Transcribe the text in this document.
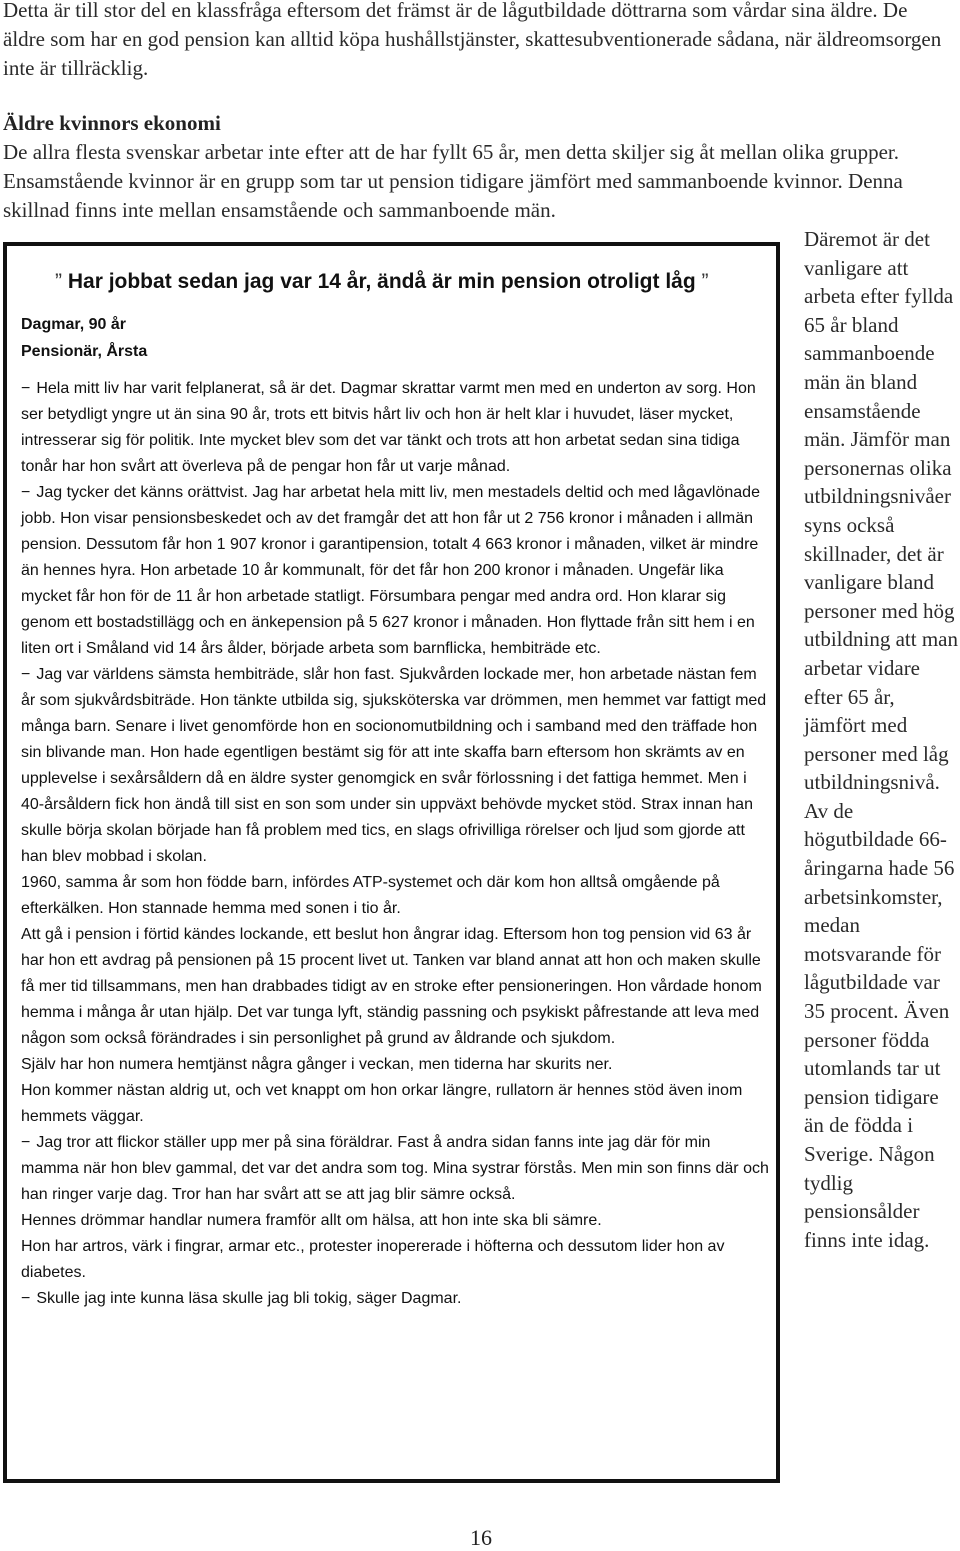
Detta är till stor del en klassfråga eftersom det främst är de lågutbildade döttrarna som vårdar sina äldre. De äldre som har en god pension kan alltid köpa hushållstjänster, skattesubventionerade sådana, när äldreomsorgen inte är tillräcklig.

Äldre kvinnors ekonomi

De allra flesta svenskar arbetar inte efter att de har fyllt 65 år, men detta skiljer sig åt mellan olika grupper. Ensamstående kvinnor är en grupp som tar ut pension tidigare jämfört med sammanboende kvinnor. Denna skillnad finns inte mellan ensamstående och sammanboende män.

Däremot är det vanligare att arbeta efter fyllda 65 år bland sammanboende män än bland ensamstående män. Jämför man personernas olika utbildningsnivåer syns också skillnader, det är vanligare bland personer med hög utbildning att man arbetar vidare efter 65 år, jämfört med personer med låg utbildningsnivå. Av de högutbildade 66-åringarna hade 56 arbetsinkomster, medan motsvarande för lågutbildade var 35 procent. Även personer födda utomlands tar ut pension tidigare än de födda i Sverige. Någon tydlig pensionsålder finns inte idag.

” Har jobbat sedan jag var 14 år, ändå är min pension otroligt låg ”

Dagmar, 90 år

Pensionär, Årsta

− Hela mitt liv har varit felplanerat, så är det. Dagmar skrattar varmt men med en underton av sorg. Hon ser betydligt yngre ut än sina 90 år, trots ett bitvis hårt liv och hon är helt klar i huvudet, läser mycket, intresserar sig för politik. Inte mycket blev som det var tänkt och trots att hon arbetat sedan sina tidiga tonår har hon svårt att överleva på de pengar hon får ut varje månad.

− Jag tycker det känns orättvist. Jag har arbetat hela mitt liv, men mestadels deltid och med lågavlönade jobb. Hon visar pensionsbeskedet och av det framgår det att hon får ut 2 756 kronor i månaden i allmän pension. Dessutom får hon 1 907 kronor i garantipension, totalt 4 663 kronor i månaden, vilket är mindre än hennes hyra. Hon arbetade 10 år kommunalt, för det får hon 200 kronor i månaden. Ungefär lika mycket får hon för de 11 år hon arbetade statligt. Försumbara pengar med andra ord. Hon klarar sig genom ett bostadstillägg och en änkepension på 5 627 kronor i månaden. Hon flyttade från sitt hem i en liten ort i Småland vid 14 års ålder, började arbeta som barnflicka, hembiträde etc.

− Jag var världens sämsta hembiträde, slår hon fast. Sjukvården lockade mer, hon arbetade nästan fem år som sjukvårdsbiträde. Hon tänkte utbilda sig, sjuksköterska var drömmen, men hemmet var fattigt med många barn. Senare i livet genomförde hon en socionomutbildning och i samband med den träffade hon sin blivande man. Hon hade egentligen bestämt sig för att inte skaffa barn eftersom hon skrämts av en upplevelse i sexårsåldern då en äldre syster genomgick en svår förlossning i det fattiga hemmet. Men i 40-årsåldern fick hon ändå till sist en son som under sin uppväxt behövde mycket stöd. Strax innan han skulle börja skolan började han få problem med tics, en slags ofrivilliga rörelser och ljud som gjorde att han blev mobbad i skolan.

1960, samma år som hon födde barn, infördes ATP-systemet och där kom hon alltså omgående på efterkälken. Hon stannade hemma med sonen i tio år.

Att gå i pension i förtid kändes lockande, ett beslut hon ångrar idag. Eftersom hon tog pension vid 63 år har hon ett avdrag på pensionen på 15 procent livet ut. Tanken var bland annat att hon och maken skulle få mer tid tillsammans, men han drabbades tidigt av en stroke efter pensioneringen. Hon vårdade honom hemma i många år utan hjälp. Det var tunga lyft, ständig passning och psykiskt påfrestande att leva med någon som också förändrades i sin personlighet på grund av åldrande och sjukdom.

Själv har hon numera hemtjänst några gånger i veckan, men tiderna har skurits ner.

Hon kommer nästan aldrig ut, och vet knappt om hon orkar längre, rullatorn är hennes stöd även inom hemmets väggar.

− Jag tror att flickor ställer upp mer på sina föräldrar. Fast å andra sidan fanns inte jag där för min mamma när hon blev gammal, det var det andra som tog. Mina systrar förstås. Men min son finns där och han ringer varje dag. Tror han har svårt att se att jag blir sämre också.

Hennes drömmar handlar numera framför allt om hälsa, att hon inte ska bli sämre.

Hon har artros, värk i fingrar, armar etc., protester inopererade i höfterna och dessutom lider hon av diabetes.

− Skulle jag inte kunna läsa skulle jag bli tokig, säger Dagmar.

16
